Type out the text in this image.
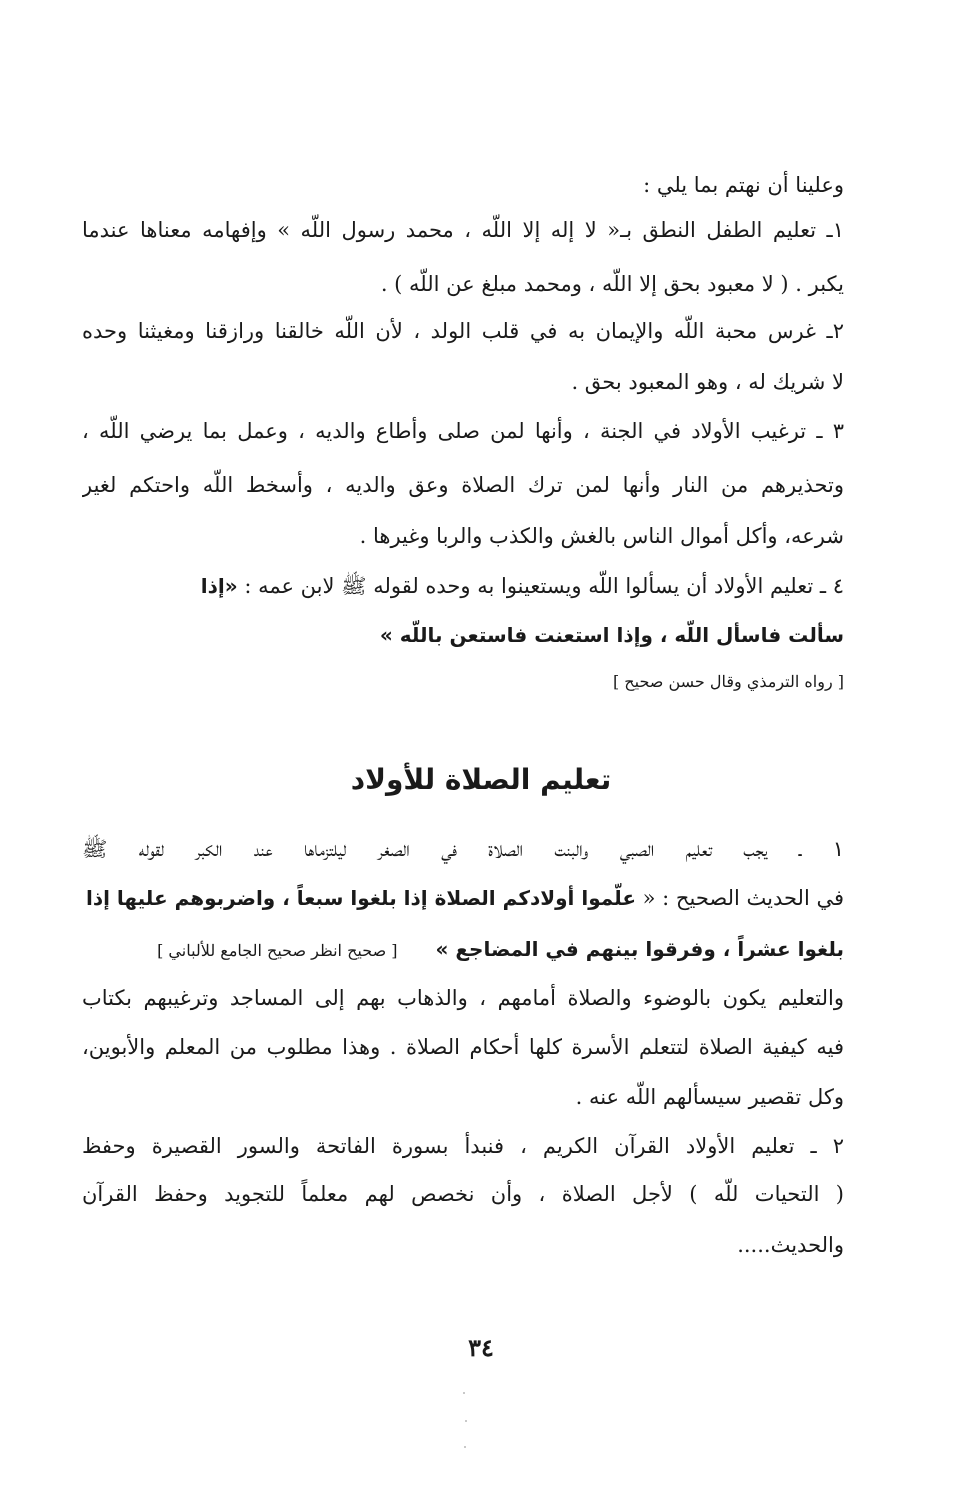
وعلينا أن نهتم بما يلي :
١ـ تعليم الطفل النطق بـ« لا إله إلا اللّه ، محمد رسول اللّه » وإفهامه معناها عندما
يكبر . ( لا معبود بحق إلا اللّه ، ومحمد مبلغ عن اللّه ) .
٢ـ غرس محبة اللّه والإيمان به في قلب الولد ، لأن اللّه خالقنا ورازقنا ومغيثنا وحده
لا شريك له ، وهو المعبود بحق .
٣ ـ ترغيب الأولاد في الجنة ، وأنها لمن صلى وأطاع والديه ، وعمل بما يرضي اللّه ،
وتحذيرهم من النار وأنها لمن ترك الصلاة وعق والديه ، وأسخط اللّه واحتكم لغير
شرعه، وأكل أموال الناس بالغش والكذب والربا وغيرها .
٤ ـ تعليم الأولاد أن يسألوا اللّه ويستعينوا به وحده لقوله ﷺ لابن عمه : «إذا
سألت فاسأل اللّه ، وإذا استعنت فاستعن باللّه »
[ رواه الترمذي وقال حسن صحيح ]
تعليم الصلاة للأولاد
١ ـ يجب تعليم الصبي والبنت الصلاة في الصغر ليلتزماها عند الكبر لقوله ﷺ
في الحديث الصحيح : « علّموا أولادكم الصلاة إذا بلغوا سبعاً ، واضربوهم عليها إذا
بلغوا عشراً ، وفرقوا بينهم في المضاجع »[ صحيح انظر صحيح الجامع للألباني ]
والتعليم يكون بالوضوء والصلاة أمامهم ، والذهاب بهم إلى المساجد وترغيبهم بكتاب
فيه كيفية الصلاة لتتعلم الأسرة كلها أحكام الصلاة . وهذا مطلوب من المعلم والأبوين،
وكل تقصير سيسألهم اللّه عنه .
٢ ـ تعليم الأولاد القرآن الكريم ، فنبدأ بسورة الفاتحة والسور القصيرة وحفظ
( التحيات للّه ) لأجل الصلاة ، وأن نخصص لهم معلماً للتجويد وحفظ القرآن
والحديث.....
٣٤
